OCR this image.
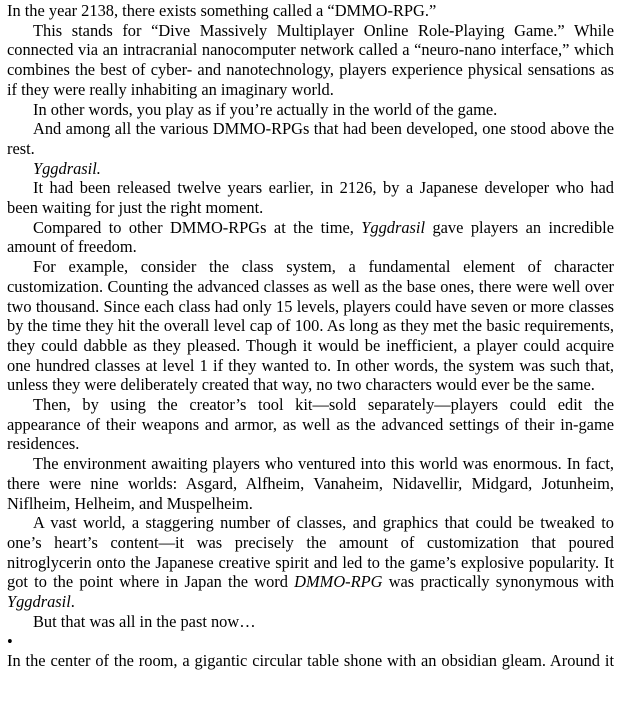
In the year 2138, there exists something called a “DMMO-RPG.”

This stands for “Dive Massively Multiplayer Online Role-Playing Game.” While connected via an intracranial nanocomputer network called a “neuro-nano interface,” which combines the best of cyber- and nanotechnology, players experience physical sensations as if they were really inhabiting an imaginary world.

In other words, you play as if you’re actually in the world of the game.

And among all the various DMMO-RPGs that had been developed, one stood above the rest.

Yggdrasil.

It had been released twelve years earlier, in 2126, by a Japanese developer who had been waiting for just the right moment.

Compared to other DMMO-RPGs at the time, Yggdrasil gave players an incredible amount of freedom.

For example, consider the class system, a fundamental element of character customization. Counting the advanced classes as well as the base ones, there were well over two thousand. Since each class had only 15 levels, players could have seven or more classes by the time they hit the overall level cap of 100. As long as they met the basic requirements, they could dabble as they pleased. Though it would be inefficient, a player could acquire one hundred classes at level 1 if they wanted to. In other words, the system was such that, unless they were deliberately created that way, no two characters would ever be the same.

Then, by using the creator’s tool kit—sold separately—players could edit the appearance of their weapons and armor, as well as the advanced settings of their in-game residences.

The environment awaiting players who ventured into this world was enormous. In fact, there were nine worlds: Asgard, Alfheim, Vanaheim, Nidavellir, Midgard, Jotunheim, Niflheim, Helheim, and Muspelheim.

A vast world, a staggering number of classes, and graphics that could be tweaked to one’s heart’s content—it was precisely the amount of customization that poured nitroglycerin onto the Japanese creative spirit and led to the game’s explosive popularity. It got to the point where in Japan the word DMMO-RPG was practically synonymous with Yggdrasil.

But that was all in the past now…

•

In the center of the room, a gigantic circular table shone with an obsidian gleam. Around it
